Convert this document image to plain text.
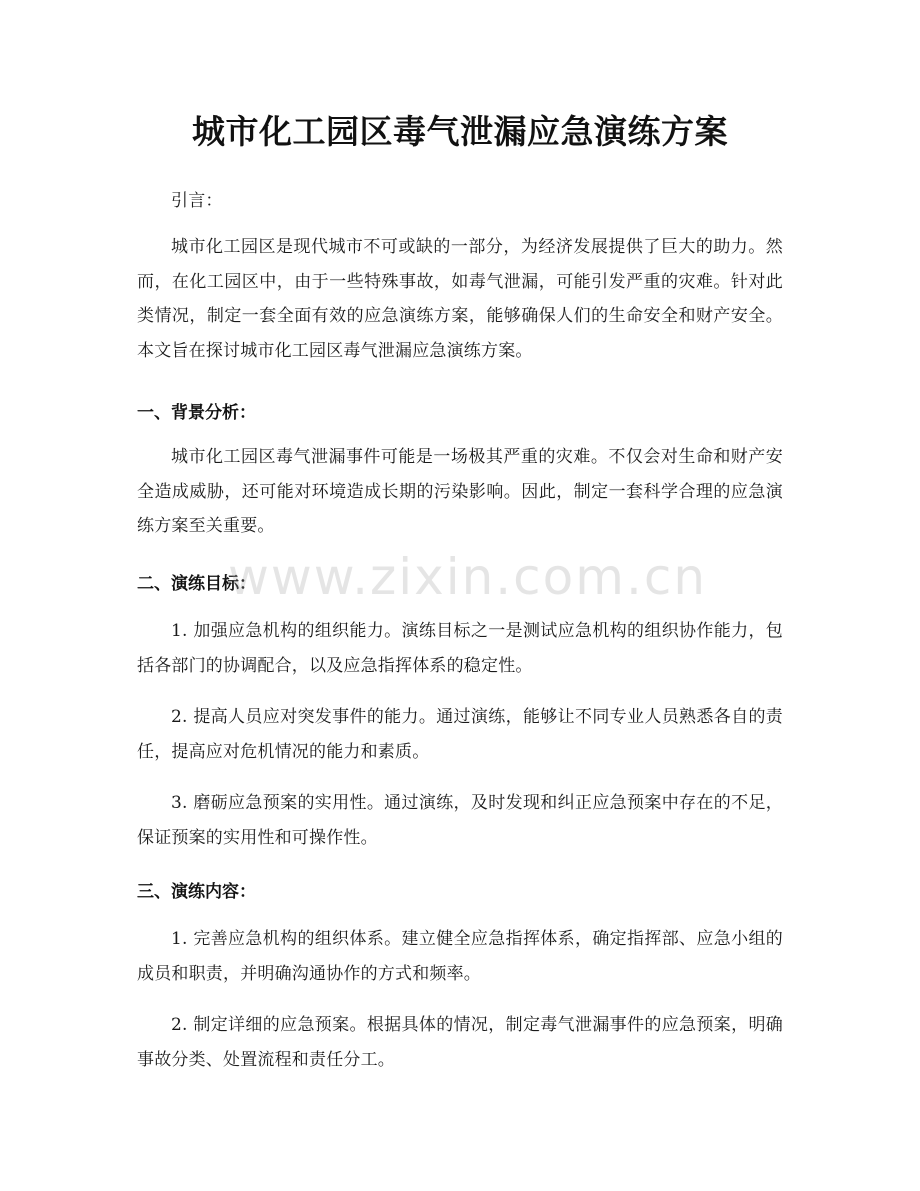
城市化工园区毒气泄漏应急演练方案
引言：
城市化工园区是现代城市不可或缺的一部分，为经济发展提供了巨大的助力。然而，在化工园区中，由于一些特殊事故，如毒气泄漏，可能引发严重的灾难。针对此类情况，制定一套全面有效的应急演练方案，能够确保人们的生命安全和财产安全。本文旨在探讨城市化工园区毒气泄漏应急演练方案。
一、背景分析：
城市化工园区毒气泄漏事件可能是一场极其严重的灾难。不仅会对生命和财产安全造成威胁，还可能对环境造成长期的污染影响。因此，制定一套科学合理的应急演练方案至关重要。
二、演练目标：
1. 加强应急机构的组织能力。演练目标之一是测试应急机构的组织协作能力，包括各部门的协调配合，以及应急指挥体系的稳定性。
2. 提高人员应对突发事件的能力。通过演练，能够让不同专业人员熟悉各自的责任，提高应对危机情况的能力和素质。
3. 磨砺应急预案的实用性。通过演练，及时发现和纠正应急预案中存在的不足，保证预案的实用性和可操作性。
三、演练内容：
1. 完善应急机构的组织体系。建立健全应急指挥体系，确定指挥部、应急小组的成员和职责，并明确沟通协作的方式和频率。
2. 制定详细的应急预案。根据具体的情况，制定毒气泄漏事件的应急预案，明确事故分类、处置流程和责任分工。
www.zixin.com.cn
